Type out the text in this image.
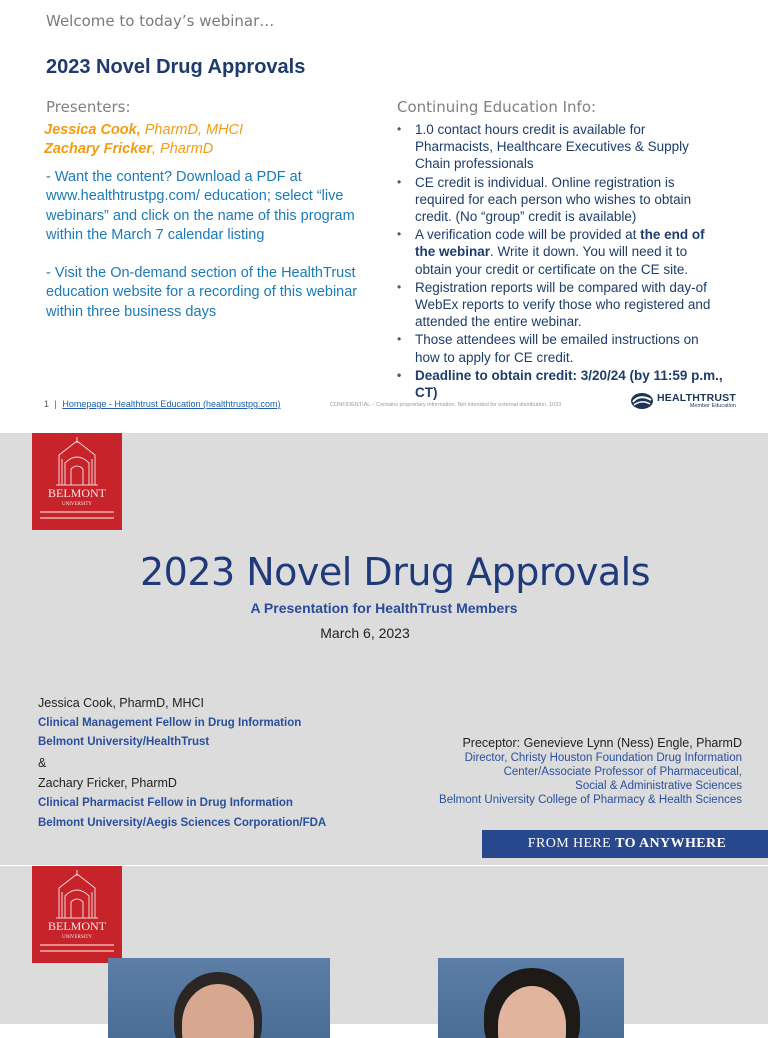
Welcome to today’s webinar…
2023 Novel Drug Approvals
Presenters:
Jessica Cook, PharmD, MHCI
Zachary Fricker, PharmD

- Want the content? Download a PDF at www.healthtrustpg.com/ education; select “live webinars” and click on the name of this program within the March 7 calendar listing

- Visit the On-demand section of the HealthTrust education website for a recording of this webinar within three business days

Continuing Education Info:
• 1.0 contact hours credit is available for Pharmacists, Healthcare Executives & Supply Chain professionals
• CE credit is individual. Online registration is required for each person who wishes to obtain credit. (No “group” credit is available)
• A verification code will be provided at the end of the webinar. Write it down. You will need it to obtain your credit or certificate on the CE site.
• Registration reports will be compared with day-of WebEx reports to verify those who registered and attended the entire webinar.
• Those attendees will be emailed instructions on how to apply for CE credit.
• Deadline to obtain credit: 3/20/24 (by 11:59 p.m., CT)
1 | Homepage - Healthtrust Education (healthtrustpg.com)	CONFIDENTIAL – Contains proprietary information. Not intended for external distribution. 1023
HEALTHTRUST
Member Education
BELMONT
UNIVERSITY
2023 Novel Drug Approvals
A Presentation for HealthTrust Members
March 6, 2023
Jessica Cook, PharmD, MHCI
Clinical Management Fellow in Drug Information
Belmont University/HealthTrust
&
Zachary Fricker, PharmD
Clinical Pharmacist Fellow in Drug Information
Belmont University/Aegis Sciences Corporation/FDA
Preceptor: Genevieve Lynn (Ness) Engle, PharmD
Director, Christy Houston Foundation Drug Information
Center/Associate Professor of Pharmaceutical,
Social & Administrative Sciences
Belmont University College of Pharmacy & Health Sciences
FROM HERE TO ANYWHERE
BELMONT
UNIVERSITY
